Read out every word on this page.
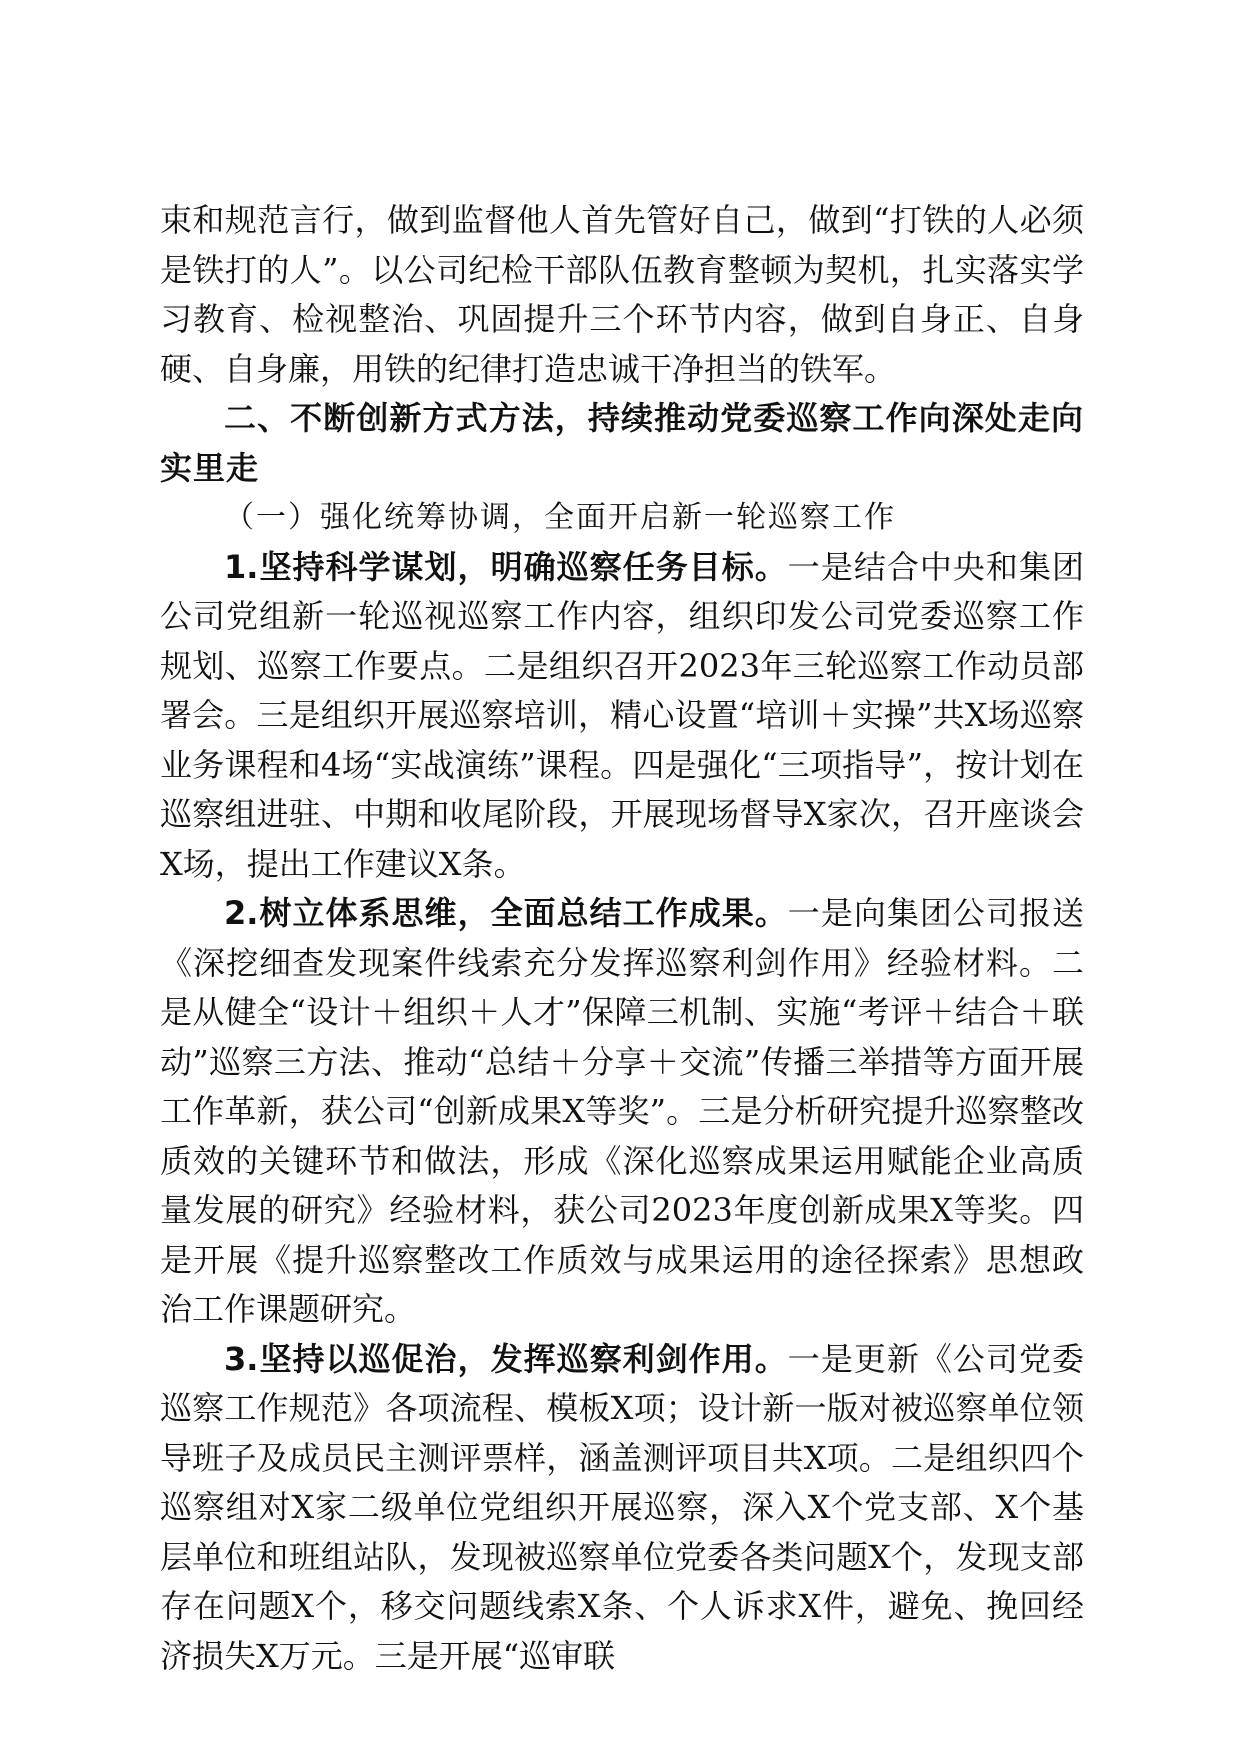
束和规范言行，做到监督他人首先管好自己，做到“打铁的人必须是铁打的人”。以公司纪检干部队伍教育整顿为契机，扎实落实学习教育、检视整治、巩固提升三个环节内容，做到自身正、自身硬、自身廉，用铁的纪律打造忠诚干净担当的铁军。

二、不断创新方式方法，持续推动党委巡察工作向深处走向实里走

（一）强化统筹协调，全面开启新一轮巡察工作

1.坚持科学谋划，明确巡察任务目标。一是结合中央和集团公司党组新一轮巡视巡察工作内容，组织印发公司党委巡察工作规划、巡察工作要点。二是组织召开2023年三轮巡察工作动员部署会。三是组织开展巡察培训，精心设置“培训＋实操”共X场巡察业务课程和4场“实战演练”课程。四是强化“三项指导”，按计划在巡察组进驻、中期和收尾阶段，开展现场督导X家次，召开座谈会X场，提出工作建议X条。

2.树立体系思维，全面总结工作成果。一是向集团公司报送《深挖细查发现案件线索充分发挥巡察利剑作用》经验材料。二是从健全“设计＋组织＋人才”保障三机制、实施“考评＋结合＋联动”巡察三方法、推动“总结＋分享＋交流”传播三举措等方面开展工作革新，获公司“创新成果X等奖”。三是分析研究提升巡察整改质效的关键环节和做法，形成《深化巡察成果运用赋能企业高质量发展的研究》经验材料，获公司2023年度创新成果X等奖。四是开展《提升巡察整改工作质效与成果运用的途径探索》思想政治工作课题研究。

3.坚持以巡促治，发挥巡察利剑作用。一是更新《公司党委巡察工作规范》各项流程、模板X项；设计新一版对被巡察单位领导班子及成员民主测评票样，涵盖测评项目共X项。二是组织四个巡察组对X家二级单位党组织开展巡察，深入X个党支部、X个基层单位和班组站队，发现被巡察单位党委各类问题X个，发现支部存在问题X个，移交问题线索X条、个人诉求X件，避免、挽回经济损失X万元。三是开展“巡审联
